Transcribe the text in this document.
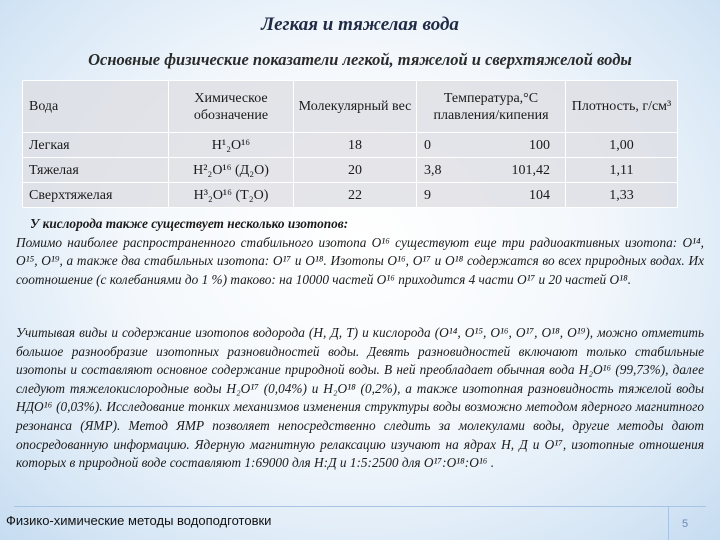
Легкая и тяжелая вода
Основные физические показатели легкой, тяжелой и сверхтяжелой воды
Вода	Химическое обозначение	Молекулярный вес	Температура,°С плавления/кипения	Плотность, г/см³
Легкая	H¹₂O¹⁶	18	0 100	1,00
Тяжелая	H²₂O¹⁶ (Д₂O)	20	3,8 101,42	1,11
Сверхтяжелая	H³₂O¹⁶ (T₂O)	22	9 104	1,33
У кислорода также существует несколько изотопов:
Помимо наиболее распространенного стабильного изотопа O¹⁶ существуют еще три радиоактивных изотопа: O¹⁴, O¹⁵, O¹⁹, а также два стабильных изотопа: O¹⁷ и O¹⁸. Изотопы O¹⁶, O¹⁷ и O¹⁸ содержатся во всех природных водах. Их соотношение (с колебаниями до 1 %) таково: на 10000 частей O¹⁶ приходится 4 части O¹⁷ и 20 частей O¹⁸.
Учитывая виды и содержание изотопов водорода (Н, Д, Т) и кислорода (O¹⁴, O¹⁵, O¹⁶, O¹⁷, O¹⁸, O¹⁹), можно отметить большое разнообразие изотопных разновидностей воды. Девять разновидностей включают только стабильные изотопы и составляют основное содержание природной воды. В ней преобладает обычная вода H₂O¹⁶ (99,73%), далее следуют тяжелокислородные воды H₂O¹⁷ (0,04%) и H₂O¹⁸ (0,2%), а также изотопная разновидность тяжелой воды НДО¹⁶ (0,03%). Исследование тонких механизмов изменения структуры воды возможно методом ядерного магнитного резонанса (ЯМР). Метод ЯМР позволяет непосредственно следить за молекулами воды, другие методы дают опосредованную информацию. Ядерную магнитную релаксацию изучают на ядрах Н, Д и O¹⁷, изотопные отношения которых в природной воде составляют 1:69000 для Н:Д и 1:5:2500 для O¹⁷:O¹⁸:O¹⁶ .
Физико-химические методы водоподготовки	5
